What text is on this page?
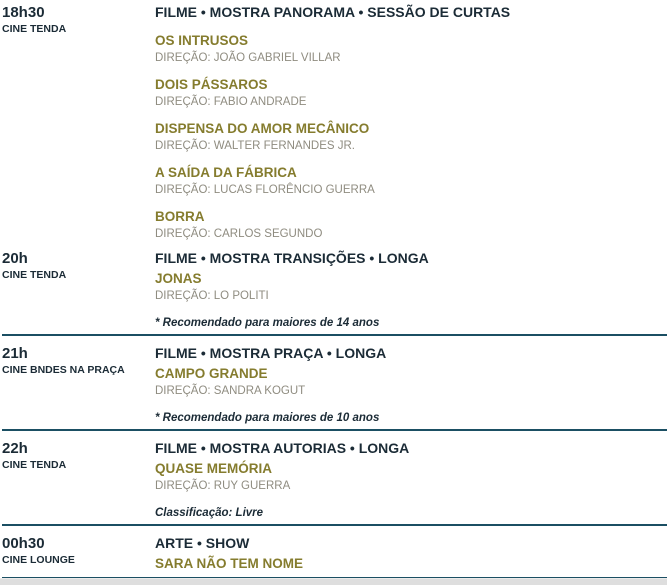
18h30
CINE TENDA
FILME • MOSTRA PANORAMA • SESSÃO DE CURTAS
OS INTRUSOS
DIREÇÃO: JOÃO GABRIEL VILLAR
DOIS PÁSSAROS
DIREÇÃO: FABIO ANDRADE
DISPENSA DO AMOR MECÂNICO
DIREÇÃO: WALTER FERNANDES JR.
A SAÍDA DA FÁBRICA
DIREÇÃO: LUCAS FLORÊNCIO GUERRA
BORRA
DIREÇÃO: CARLOS SEGUNDO
20h
CINE TENDA
FILME • MOSTRA TRANSIÇÕES • LONGA
JONAS
DIREÇÃO: LO POLITI
* Recomendado para maiores de 14 anos
21h
CINE BNDES NA PRAÇA
FILME • MOSTRA PRAÇA • LONGA
CAMPO GRANDE
DIREÇÃO: SANDRA KOGUT
* Recomendado para maiores de 10 anos
22h
CINE TENDA
FILME • MOSTRA AUTORIAS • LONGA
QUASE MEMÓRIA
DIREÇÃO: RUY GUERRA
Classificação: Livre
00h30
CINE LOUNGE
ARTE • SHOW
SARA NÃO TEM NOME
